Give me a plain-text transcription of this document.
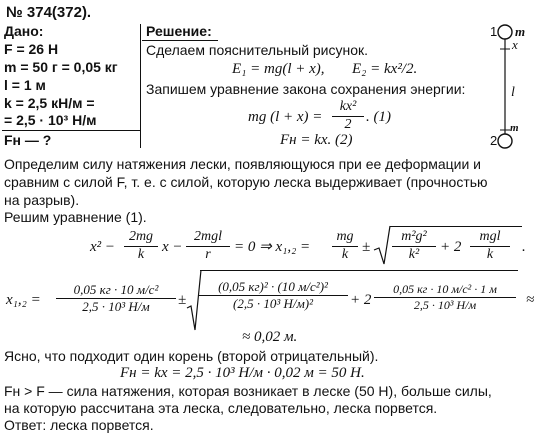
№ 374(372).
Дано:
F = 26 Н
m = 50 г = 0,05 кг
l = 1 м
k = 2,5 кН/м =
= 2,5 · 10³ Н/м
Fн — ?
Решение:
Сделаем пояснительный рисунок.
E₁ = mg(l + x), E₂ = kx²/2.
Запишем уравнение закона сохранения энергии:
mg (l + x) =
kx²
2 . (1)
Fн = kx. (2)
1 m
x
l
2
m
Определим силу натяжения лески, появляющуюся при ее деформации и
сравним с силой F, т. е. с силой, которую леска выдерживает (прочностью
на разрыв).
Решим уравнение (1).
x² −
2mg
k	x −
2mgl
r	= 0 ⇒ x₁,₂ =
mg
k ±
m²g²
k²	+ 2
mgl
k	.
x₁,₂ =
0,05 кг · 10 м/с²
2,5 · 10³ Н/м	±
(0,05 кг)² · (10 м/с²)²
(2,5 · 10³ Н/м)²	+ 2
0,05 кг · 10 м/с² · 1 м
2,5 · 10³ Н/м	≈
≈ 0,02 м.
Ясно, что подходит один корень (второй отрицательный).
Fн = kx = 2,5 · 10³ Н/м · 0,02 м = 50 Н.
Fн > F — сила натяжения, которая возникает в леске (50 Н), больше силы,
на которую рассчитана эта леска, следовательно, леска порвется.
Ответ: леска порвется.
